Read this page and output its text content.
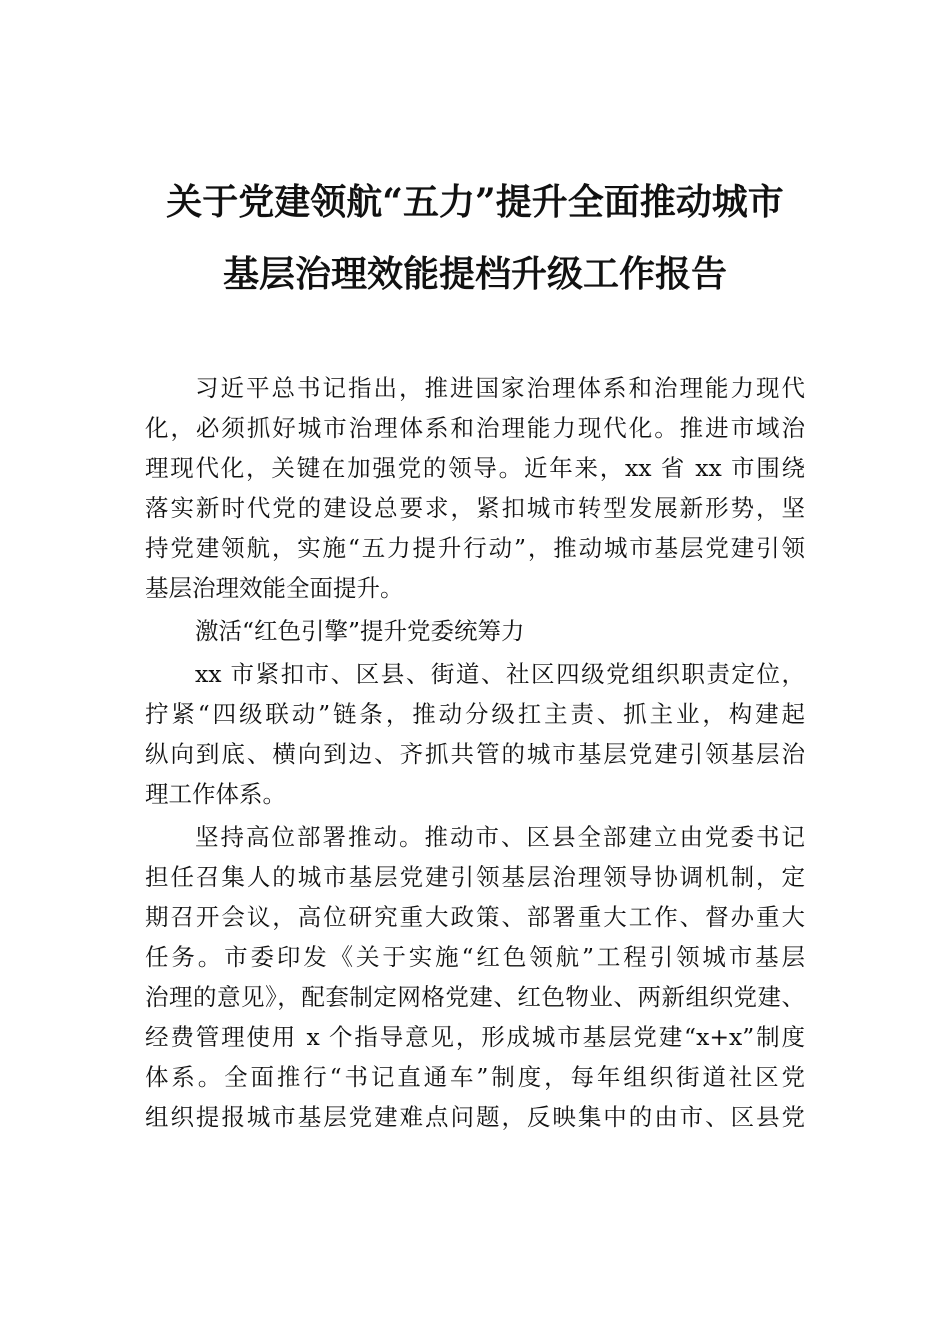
关于党建领航“五力”提升全面推动城市
基层治理效能提档升级工作报告
习近平总书记指出，推进国家治理体系和治理能力现代
化，必须抓好城市治理体系和治理能力现代化。推进市域治
理现代化，关键在加强党的领导。近年来，xx 省 xx 市围绕
落实新时代党的建设总要求，紧扣城市转型发展新形势，坚
持党建领航，实施“五力提升行动”，推动城市基层党建引领
基层治理效能全面提升。
激活“红色引擎”提升党委统筹力
xx 市紧扣市、区县、街道、社区四级党组织职责定位，
拧紧“四级联动”链条，推动分级扛主责、抓主业，构建起
纵向到底、横向到边、齐抓共管的城市基层党建引领基层治
理工作体系。
坚持高位部署推动。推动市、区县全部建立由党委书记
担任召集人的城市基层党建引领基层治理领导协调机制，定
期召开会议，高位研究重大政策、部署重大工作、督办重大
任务。市委印发《关于实施“红色领航”工程引领城市基层
治理的意见》，配套制定网格党建、红色物业、两新组织党建、
经费管理使用 x 个指导意见，形成城市基层党建“x+x”制度
体系。全面推行“书记直通车”制度，每年组织街道社区党
组织提报城市基层党建难点问题，反映集中的由市、区县党
